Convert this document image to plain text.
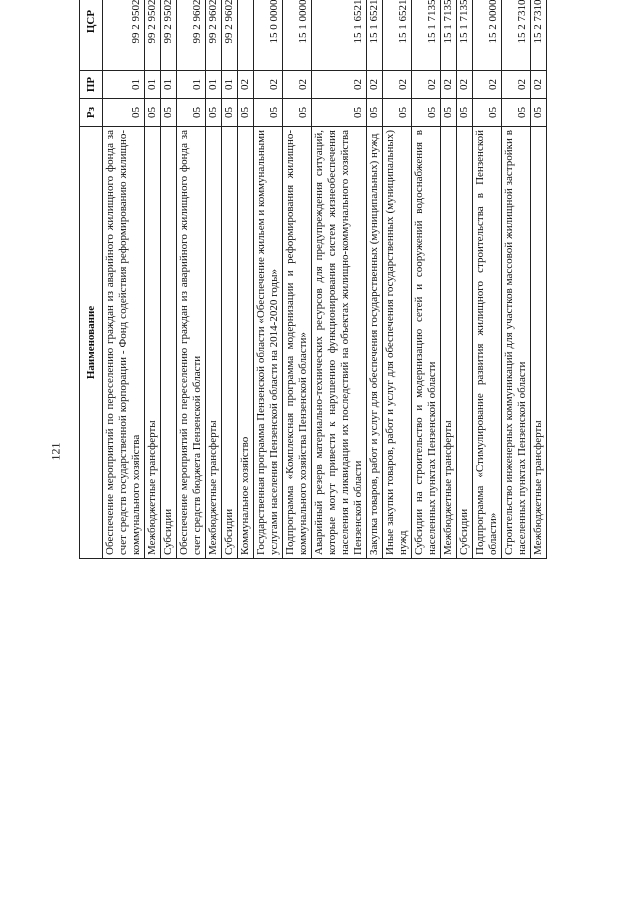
121
Наименование	Рз	ПР	ЦСР		
Обеспечение мероприятий по переселению граждан из аварийного жилищного фонда за счет средств государственной корпорации - Фонд содействия реформированию жилищно-коммунального хозяйства	05	01	99 2 9502		
Межбюджетные трансферты	05	01	99 2 9502		
Субсидии	05	01	99 2 9502		
Обеспечение мероприятий по переселению граждан из аварийного жилищного фонда за счет средств бюджета Пензенской области	05	01	99 2 9602		
Межбюджетные трансферты	05	01	99 2 9602		
Субсидии	05	01	99 2 9602		
Коммунальное хозяйство	05	02			
Государственная программа Пензенской области «Обеспечение жильем и коммунальными услугами населения Пензенской области на 2014-2020 годы»	05	02	15 0 0000		
Подпрограмма «Комплексная программа модернизации и реформирования жилищно-коммунального хозяйства Пензенской области»	05	02	15 1 0000		
Аварийный резерв материально-технических ресурсов для предупреждения ситуаций, которые могут привести к нарушению функционирования систем жизнеобеспечения населения и ликвидации их последствий на объектах жилищно-коммунального хозяйства Пензенской области	05	02	15 1 6521		
Закупка товаров, работ и услуг для обеспечения государственных (муниципальных) нужд	05	02	15 1 6521		
Иные закупки товаров, работ и услуг для обеспечения государственных (муниципальных) нужд	05	02	15 1 6521		
Субсидии на строительство и модернизацию сетей и сооружений водоснабжения в населенных пунктах Пензенской области	05	02	15 1 7135		
Межбюджетные трансферты	05	02	15 1 7135		
Субсидии	05	02	15 1 7135		
Подпрограмма «Стимулирование развития жилищного строительства в Пензенской области»	05	02	15 2 0000		
Строительство инженерных коммуникаций для участков массовой жилищной застройки в населенных пунктах Пензенской области	05	02	15 2 7310		
Межбюджетные трансферты	05	02	15 2 7310		
